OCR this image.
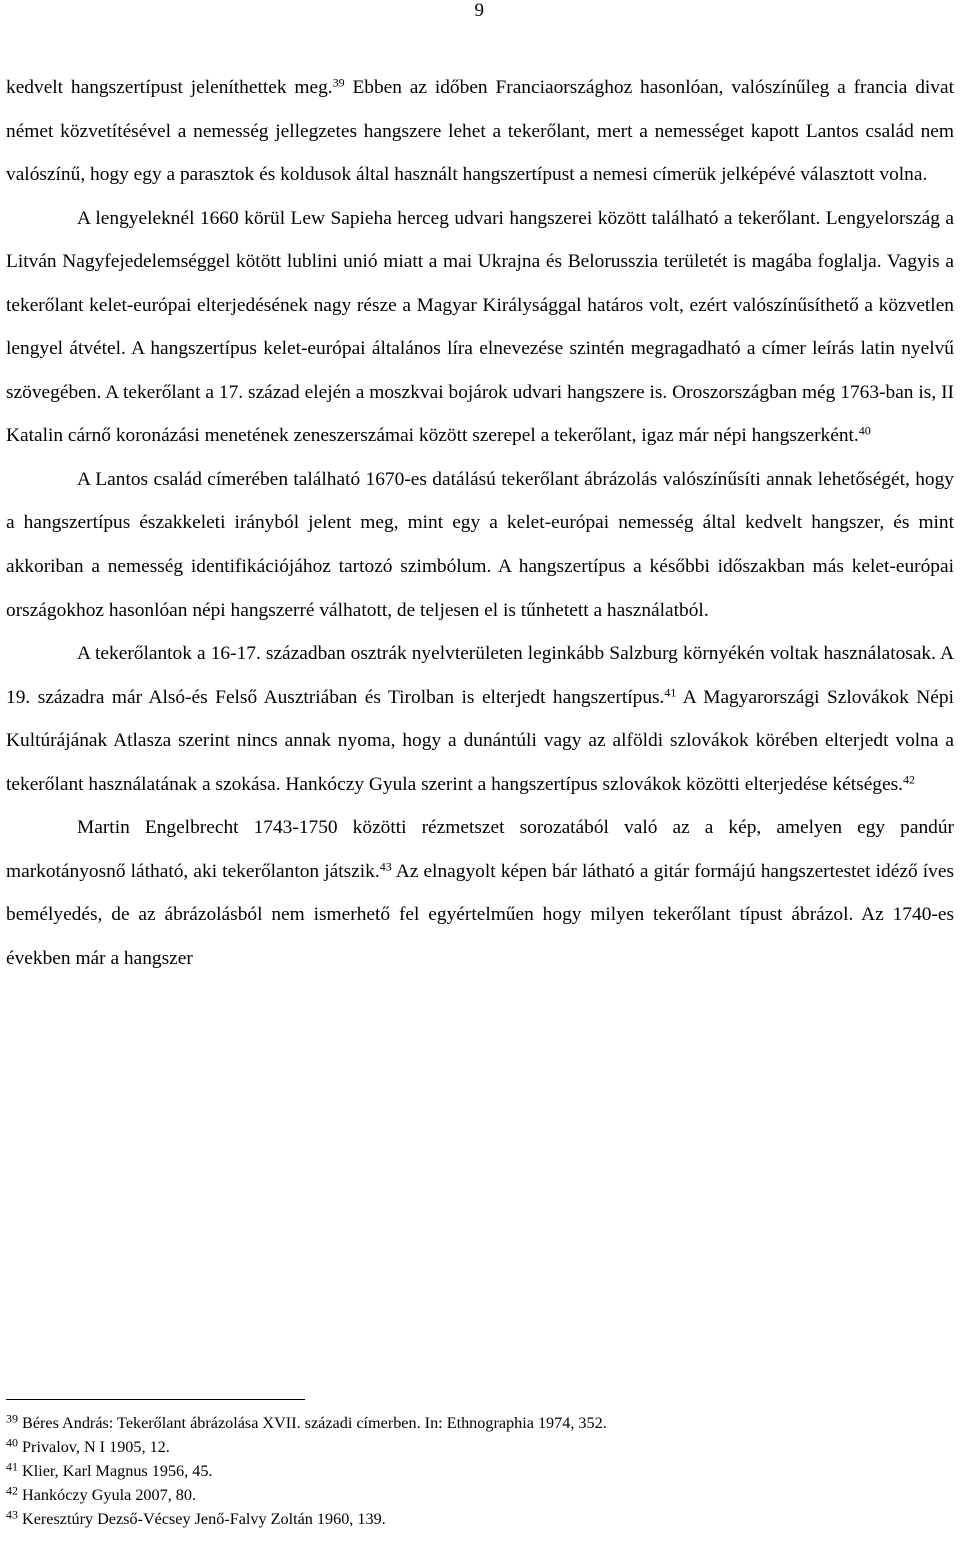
9

kedvelt hangszertípust jeleníthettek meg.$^{39}$ Ebben az időben Franciaországhoz hasonlóan, valószínűleg a francia divat német közvetítésével a nemesség jellegzetes hangszere lehet a tekerőlant, mert a nemességet kapott Lantos család nem valószínű, hogy egy a parasztok és koldusok által használt hangszertípust a nemesi címerük jelképévé választott volna.

A lengyeleknél 1660 körül Lew Sapieha herceg udvari hangszerei között található a tekerőlant. Lengyelország a Litván Nagyfejedelemséggel kötött lublini unió miatt a mai Ukrajna és Belorusszia területét is magába foglalja. Vagyis a tekerőlant kelet-európai elterjedésének nagy része a Magyar Királysággal határos volt, ezért valószínűsíthető a közvetlen lengyel átvétel. A hangszertípus kelet-európai általános líra elnevezése szintén megragadható a címer leírás latin nyelvű szövegében. A tekerőlant a 17. század elején a moszkvai bojárok udvari hangszere is. Oroszországban még 1763-ban is, II Katalin cárnő koronázási menetének zeneszerszámai között szerepel a tekerőlant, igaz már népi hangszerként.$^{40}$

A Lantos család címerében található 1670-es datálású tekerőlant ábrázolás valószínűsíti annak lehetőségét, hogy a hangszertípus északkeleti irányból jelent meg, mint egy a kelet-európai nemesség által kedvelt hangszer, és mint akkoriban a nemesség identifikációjához tartozó szimbólum. A hangszertípus a későbbi időszakban más kelet-európai országokhoz hasonlóan népi hangszerré válhatott, de teljesen el is tűnhetett a használatból.

A tekerőlantok a 16-17. században osztrák nyelvterületen leginkább Salzburg környékén voltak használatosak. A 19. századra már Alsó-és Felső Ausztriában és Tirolban is elterjedt hangszertípus.$^{41}$ A Magyarországi Szlovákok Népi Kultúrájának Atlasza szerint nincs annak nyoma, hogy a dunántúli vagy az alföldi szlovákok körében elterjedt volna a tekerőlant használatának a szokása. Hankóczy Gyula szerint a hangszertípus szlovákok közötti elterjedése kétséges.$^{42}$

Martin Engelbrecht 1743-1750 közötti rézmetszet sorozatából való az a kép, amelyen egy pandúr markotányosnő látható, aki tekerőlanton játszik.$^{43}$ Az elnagyolt képen bár látható a gitár formájú hangszertestet idéző íves bemélyedés, de az ábrázolásból nem ismerhető fel egyértelműen hogy milyen tekerőlant típust ábrázol. Az 1740-es években már a hangszer

$^{39}$ Béres András: Tekerőlant ábrázolása XVII. századi címerben. In: Ethnographia 1974, 352.
$^{40}$ Privalov, N I 1905, 12.
$^{41}$ Klier, Karl Magnus 1956, 45.
$^{42}$ Hankóczy Gyula 2007, 80.
$^{43}$ Keresztúry Dezső-Vécsey Jenő-Falvy Zoltán 1960, 139.
